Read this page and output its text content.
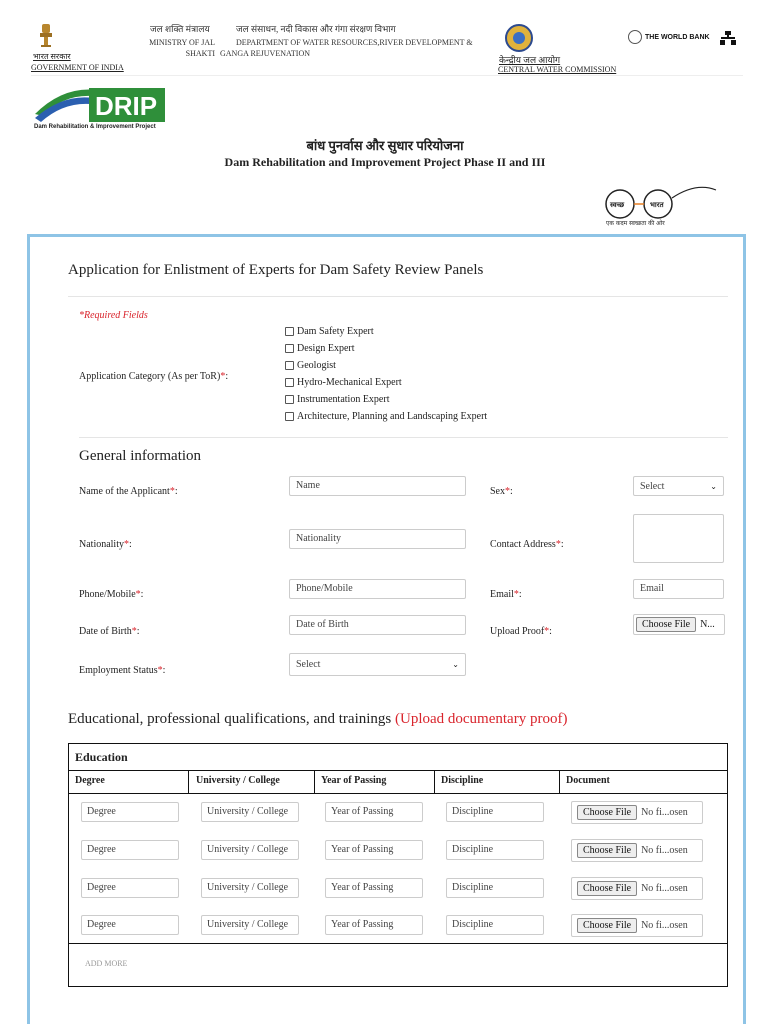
भारत सरकार
GOVERNMENT OF INDIA
जल शक्ति मंत्रालय
MINISTRY OF JAL SHAKTI
जल संसाधन, नदी विकास और गंगा संरक्षण विभाग
DEPARTMENT OF WATER RESOURCES,RIVER DEVELOPMENT & GANGA REJUVENATION
केन्द्रीय जल आयोग
CENTRAL WATER COMMISSION
THE WORLD BANK
DRIP
Dam Rehabilitation & Improvement Project
बांध पुनर्वास और सुधार परियोजना
Dam Rehabilitation and Improvement Project Phase II and III
स्वच्छ	भारत
एक कदम स्वच्छता की ओर
Application for Enlistment of Experts for Dam Safety Review Panels
*Required Fields
Application Category (As per ToR)*:
Dam Safety Expert
Design Expert
Geologist
Hydro-Mechanical Expert
Instrumentation Expert
Architecture, Planning and Landscaping Expert
General information
Name of the Applicant*:
Name
Sex*:	Select	⌄
Nationality*:
Nationality
Contact Address*:
Phone/Mobile*:
Phone/Mobile
Email*:
Email
Date of Birth*:
Date of Birth
Upload Proof*:
Choose File	N...
Employment Status*:
Select	⌄
Educational, professional qualifications, and trainings (Upload documentary proof)
Education
Degree	University / College	Year of Passing	Discipline	Document
Degree	University / College	Year of Passing	Discipline	Choose File	No fi...osen
Degree	University / College	Year of Passing	Discipline	Choose File	No fi...osen
Degree	University / College	Year of Passing	Discipline	Choose File	No fi...osen
Degree	University / College	Year of Passing	Discipline	Choose File	No fi...osen
ADD MORE
